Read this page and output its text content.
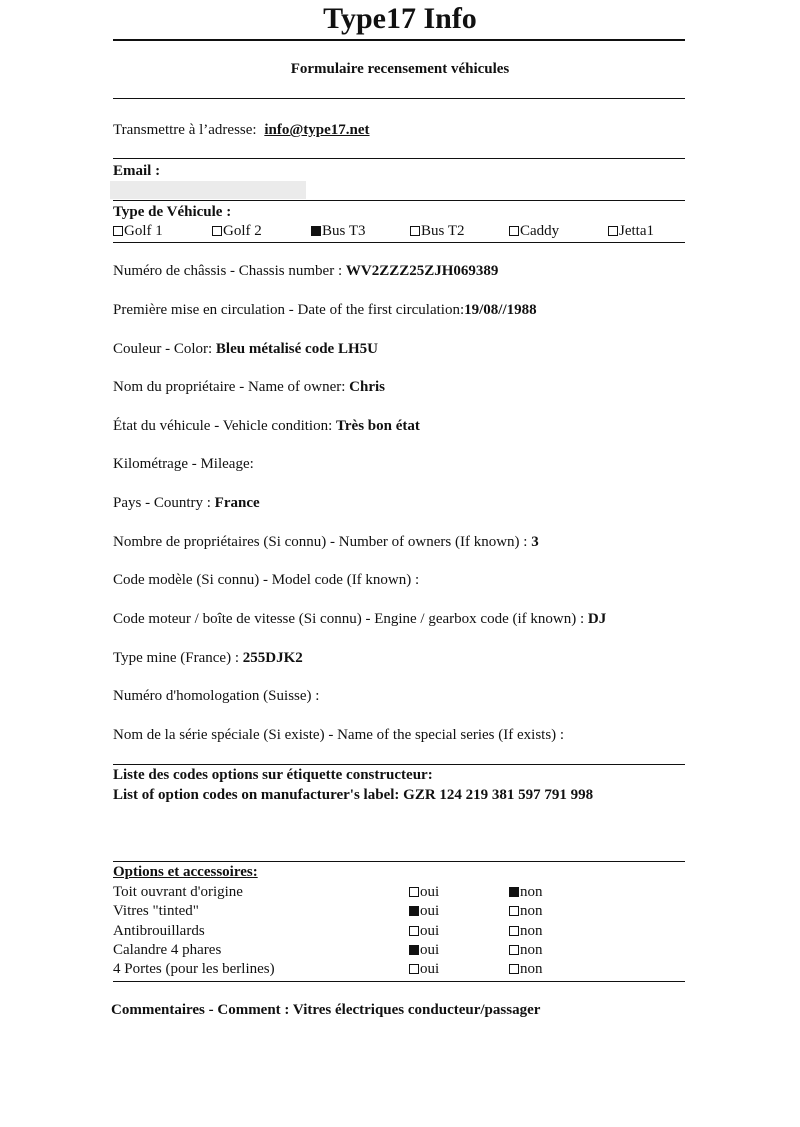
Type17 Info
Formulaire recensement véhicules
Transmettre à l’adresse: info@type17.net
Email :
Type de Véhicule :
Golf 1	Golf 2	Bus T3	Bus T2	Caddy	Jetta1
Numéro de châssis - Chassis number : WV2ZZZ25ZJH069389
Première mise en circulation - Date of the first circulation:19/08//1988
Couleur - Color: Bleu métalisé code LH5U
Nom du propriétaire - Name of owner: Chris
État du véhicule - Vehicle condition: Très bon état
Kilométrage - Mileage:
Pays - Country : France
Nombre de propriétaires (Si connu) - Number of owners (If known) : 3
Code modèle (Si connu) - Model code (If known) :
Code moteur / boîte de vitesse (Si connu) - Engine / gearbox code (if known) : DJ
Type mine (France) : 255DJK2
Numéro d'homologation (Suisse) :
Nom de la série spéciale (Si existe) - Name of the special series (If exists) :
Liste des codes options sur étiquette constructeur:
List of option codes on manufacturer's label: GZR 124 219 381 597 791 998
Options et accessoires:
Toit ouvrant d'origine	oui	non
Vitres "tinted"	oui	non
Antibrouillards	oui	non
Calandre 4 phares	oui	non
4 Portes (pour les berlines)	oui	non
Commentaires - Comment : Vitres électriques conducteur/passager
